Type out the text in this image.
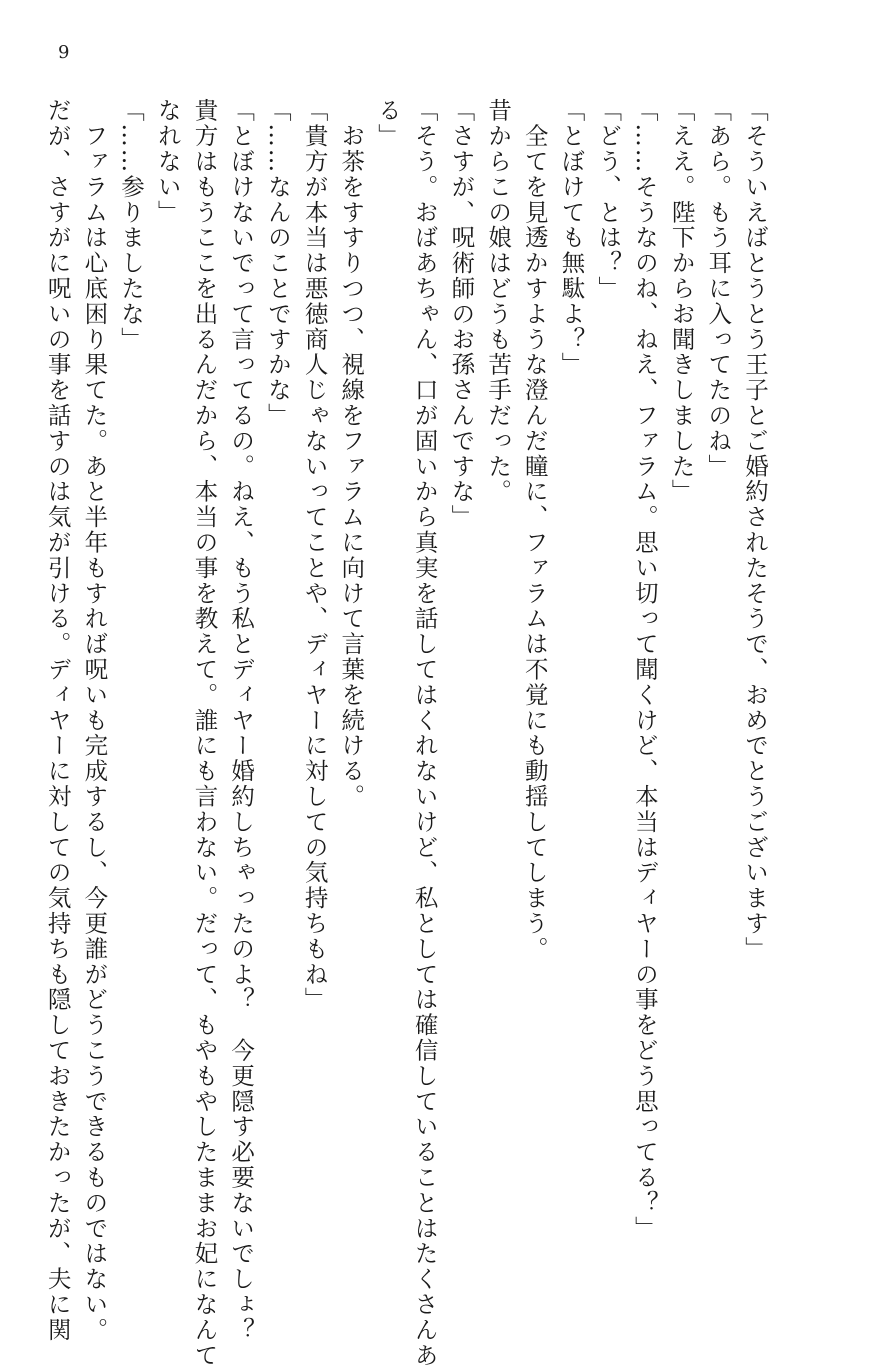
9
「そういえばとうとう王子とご婚約されたそうで、おめでとうございます」
「あら。もう耳に入ってたのね」
「ええ。陛下からお聞きしました」
「……そうなのね、ねえ、ファラム。思い切って聞くけど、本当はディヤーの事をどう思ってる？」
「どう、とは？」
「とぼけても無駄よ？」
　全てを見透かすような澄んだ瞳に、ファラムは不覚にも動揺してしまう。
昔からこの娘はどうも苦手だった。
「さすが、呪術師のお孫さんですな」
「そう。おばあちゃん、口が固いから真実を話してはくれないけど、私としては確信していることはたくさんあ
る」
　お茶をすすりつつ、視線をファラムに向けて言葉を続ける。
「貴方が本当は悪徳商人じゃないってことや、ディヤーに対しての気持ちもね」
「……なんのことですかな」
「とぼけないでって言ってるの。ねえ、もう私とディヤー婚約しちゃったのよ？　今更隠す必要ないでしょ？
貴方はもうここを出るんだから、本当の事を教えて。誰にも言わない。だって、もやもやしたままお妃になんて
なれない」
「……参りましたな」
　ファラムは心底困り果てた。あと半年もすれば呪いも完成するし、今更誰がどうこうできるものではない。
だが、さすがに呪いの事を話すのは気が引ける。ディヤーに対しての気持ちも隠しておきたかったが、夫に関
